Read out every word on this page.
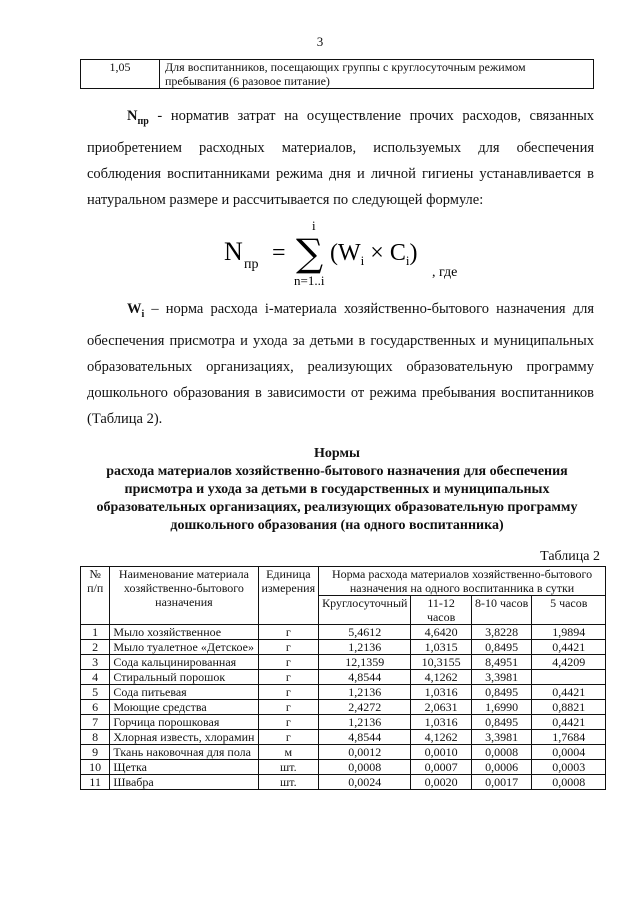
3
1,05	Для воспитанников, посещающих группы с круглосуточным режимом пребывания (6 разовое питание)
$N_{пр}$ - норматив затрат на осуществление прочих расходов, связанных приобретением расходных материалов, используемых для обеспечения соблюдения воспитанниками режима дня и личной гигиены устанавливается в натуральном размере и рассчитывается по следующей формуле:
N пр =
i
∑
n=1..i
$(W_i \times C_i)$
, где
$W_i$ – норма расхода i-материала хозяйственно-бытового назначения для обеспечения присмотра и ухода за детьми в государственных и муниципальных образовательных организациях, реализующих образовательную программу дошкольного образования в зависимости от режима пребывания воспитанников (Таблица 2).
Нормы
расхода материалов хозяйственно-бытового назначения для обеспечения присмотра и ухода за детьми в государственных и муниципальных образовательных организациях, реализующих образовательную программу дошкольного образования (на одного воспитанника)
Таблица 2
№ п/п	Наименование материала хозяйственно-бытового назначения	Единица измерения	Норма расхода материалов хозяйственно-бытового назначения на одного воспитанника в сутки			
			Круглосуточный	11-12 часов	8-10 часов	5 часов
1	Мыло хозяйственное	г	5,4612	4,6420	3,8228	1,9894
2	Мыло туалетное «Детское»	г	1,2136	1,0315	0,8495	0,4421
3	Сода кальцинированная	г	12,1359	10,3155	8,4951	4,4209
4	Стиральный порошок	г	4,8544	4,1262	3,3981	
5	Сода питьевая	г	1,2136	1,0316	0,8495	0,4421
6	Моющие средства	г	2,4272	2,0631	1,6990	0,8821
7	Горчица порошковая	г	1,2136	1,0316	0,8495	0,4421
8	Хлорная известь, хлорамин	г	4,8544	4,1262	3,3981	1,7684
9	Ткань наковочная для пола	м	0,0012	0,0010	0,0008	0,0004
10	Щетка	шт.	0,0008	0,0007	0,0006	0,0003
11	Швабра	шт.	0,0024	0,0020	0,0017	0,0008
